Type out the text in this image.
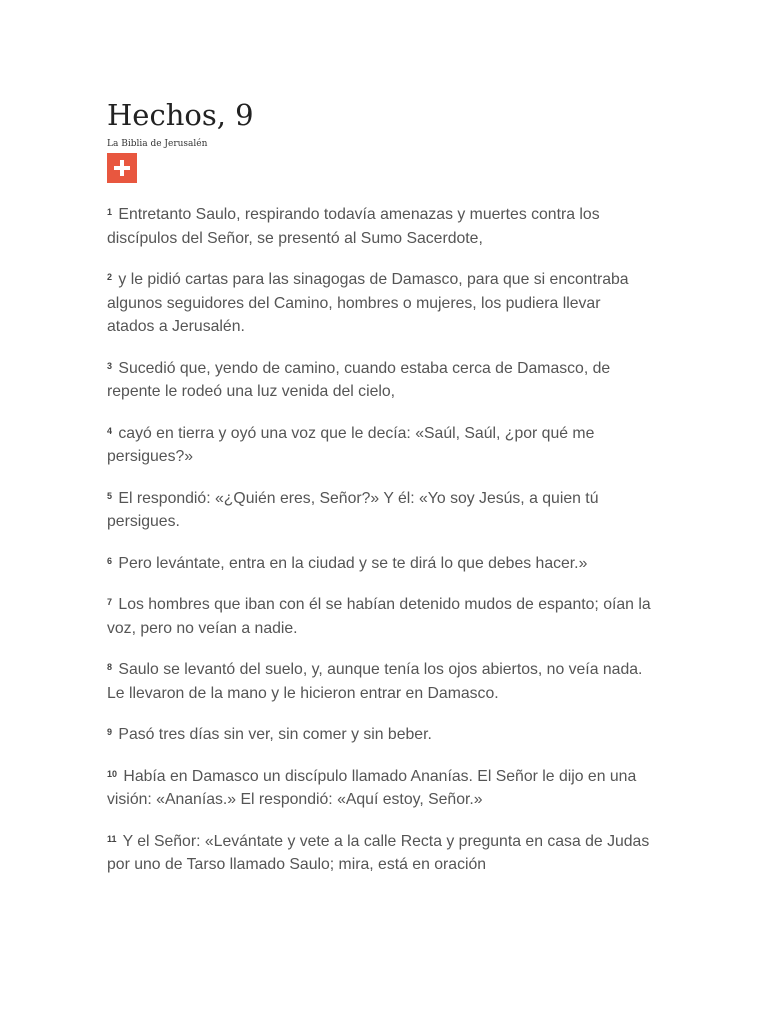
Hechos, 9
La Biblia de Jerusalén

$^1$ Entretanto Saulo, respirando todavía amenazas y muertes contra los discípulos del Señor, se presentó al Sumo Sacerdote,

$^2$ y le pidió cartas para las sinagogas de Damasco, para que si encontraba algunos seguidores del Camino, hombres o mujeres, los pudiera llevar atados a Jerusalén.

$^3$ Sucedió que, yendo de camino, cuando estaba cerca de Damasco, de repente le rodeó una luz venida del cielo,

$^4$ cayó en tierra y oyó una voz que le decía: «Saúl, Saúl, ¿por qué me persigues?»

$^5$ El respondió: «¿Quién eres, Señor?» Y él: «Yo soy Jesús, a quien tú persigues.

$^6$ Pero levántate, entra en la ciudad y se te dirá lo que debes hacer.»

$^7$ Los hombres que iban con él se habían detenido mudos de espanto; oían la voz, pero no veían a nadie.

$^8$ Saulo se levantó del suelo, y, aunque tenía los ojos abiertos, no veía nada. Le llevaron de la mano y le hicieron entrar en Damasco.

$^9$ Pasó tres días sin ver, sin comer y sin beber.

$^{10}$ Había en Damasco un discípulo llamado Ananías. El Señor le dijo en una visión: «Ananías.» El respondió: «Aquí estoy, Señor.»

$^{11}$ Y el Señor: «Levántate y vete a la calle Recta y pregunta en casa de Judas por uno de Tarso llamado Saulo; mira, está en oración
